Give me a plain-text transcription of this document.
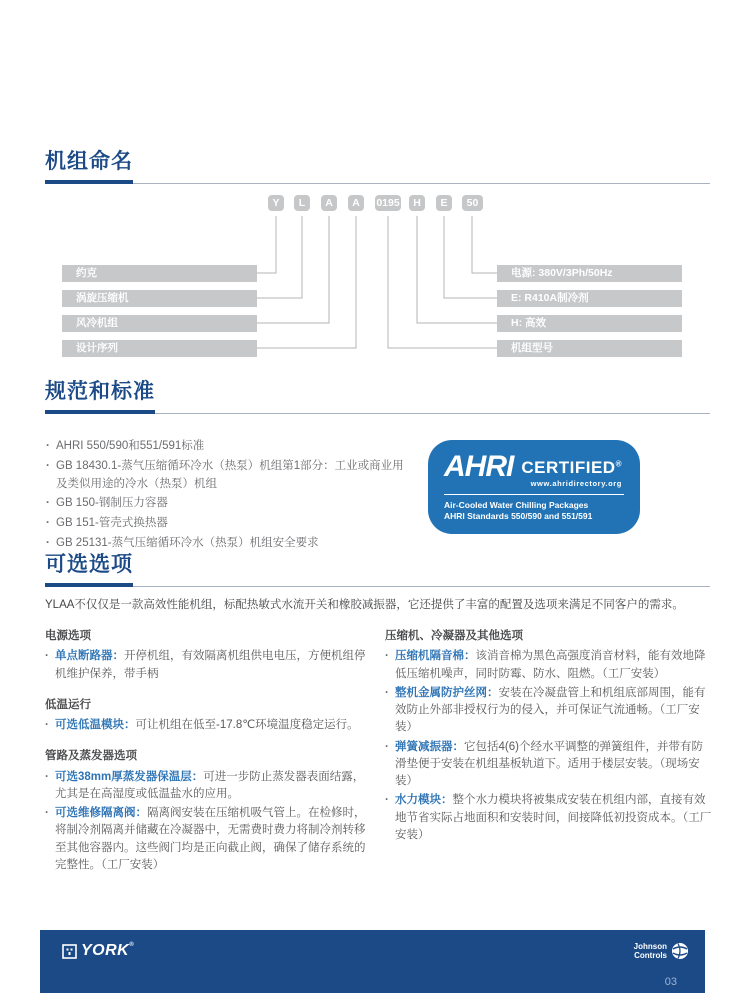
机组命名
Y	L	A	A	0195	H	E	50
约克
涡旋压缩机
风冷机组
设计序列
电源: 380V/3Ph/50Hz
E: R410A制冷剂
H: 高效
机组型号
规范和标准
· AHRI 550/590和551/591标准
· GB 18430.1-蒸气压缩循环冷水（热泵）机组第1部分：工业或商业用及类似用途的冷水（热泵）机组
· GB 150-钢制压力容器
· GB 151-管壳式换热器
· GB 25131-蒸气压缩循环冷水（热泵）机组安全要求
AHRI CERTIFIED®
www.ahridirectory.org
Air-Cooled Water Chilling Packages
AHRI Standards 550/590 and 551/591
可选选项
YLAA不仅仅是一款高效性能机组，标配热敏式水流开关和橡胶减振器，它还提供了丰富的配置及选项来满足不同客户的需求。
电源选项
· 单点断路器：开停机组，有效隔离机组供电电压，方便机组停机维护保养，带手柄
低温运行
· 可选低温模块：可让机组在低至-17.8℃环境温度稳定运行。
管路及蒸发器选项
· 可选38mm厚蒸发器保温层：可进一步防止蒸发器表面结露，尤其是在高湿度或低温盐水的应用。
· 可选维修隔离阀：隔离阀安装在压缩机吸气管上。在检修时，将制冷剂隔离并储藏在冷凝器中，无需费时费力将制冷剂转移至其他容器内。这些阀门均是正向截止阀，确保了储存系统的完整性。（工厂安装）
压缩机、冷凝器及其他选项
· 压缩机隔音棉：该消音棉为黑色高强度消音材料，能有效地降低压缩机噪声，同时防霉、防水、阻燃。（工厂安装）
· 整机金属防护丝网：安装在冷凝盘管上和机组底部周围，能有效防止外部非授权行为的侵入，并可保证气流通畅。（工厂安装）
· 弹簧减振器：它包括4(6)个经水平调整的弹簧组件，并带有防滑垫便于安装在机组基板轨道下。适用于楼层安装。（现场安装）
· 水力模块：整个水力模块将被集成安装在机组内部，直接有效地节省实际占地面积和安装时间，间接降低初投资成本。（工厂安装）
YORK®	Johnson
Controls
03
